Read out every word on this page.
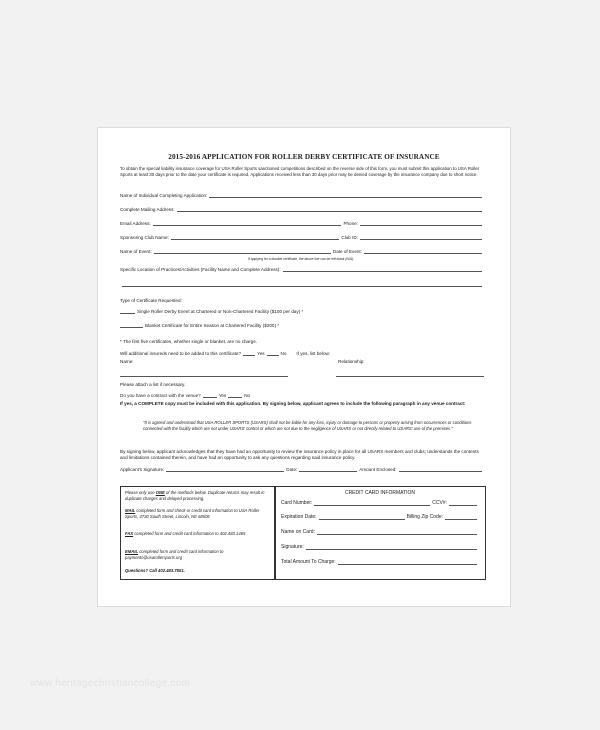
2015-2016 APPLICATION FOR ROLLER DERBY CERTIFICATE OF INSURANCE
To obtain the special liability insurance coverage for USA Roller Sports sanctioned competitions described on the reverse side of this form, you must submit this application to USA Roller Sports at least 30 days prior to the date your certificate is required. Applications received less than 30 days prior may be denied coverage by the insurance company due to short notice.
Name of Individual Completing Application:
Complete Mailing Address:
Email Address:	Phone:
Sponsoring Club Name:	Club ID:
Name of Event:	Date of Event:
If applying for a blanket certificate, the above line can be left blank (N/A).
Specific Location of Practices/Activities (Facility Name and Complete Address):
Type of Certificate Requested:
Single Roller Derby Event at Chartered or Non-Chartered Facility ($100 per day) *
Blanket Certificate for Entire Season at Chartered Facility ($200) *
* The first five certificates, whether single or blanket, are no charge.
Will additional insureds need to be added to this certificate?	Yes	No If yes, list below:
Name:	Relationship:
Please attach a list if necessary.
Do you have a contract with the venue?	Yes	No
If yes, a COMPLETE copy must be included with this application. By signing below, applicant agrees to include the following paragraph in any venue contract:
"It is agreed and understood that USA ROLLER SPORTS (USARS) shall not be liable for any loss, injury or damage to persons or property arising from occurrences or conditions connected with the facility which are not under USARS' control or which are not due to the negligence of USARS or not directly related to USARS' use of the premises."
By signing below, applicant acknowledges that they have had an opportunity to review the insurance policy in place for all USARS members and clubs; understands the contents and limitations contained therein, and have had an opportunity to ask any questions regarding said insurance policy.
Applicant's Signature:	Date:	Amount Enclosed:
Please only use ONE of the methods below. Duplicate returns may result in duplicate charges and delayed processing.
MAIL completed form and check or credit card information to USA Roller Sports, 4730 South Street, Lincoln, NE 68506
FAX completed form and credit card information to 402.483.1465
EMAIL completed form and credit card information to payments@usarollersports.org
Questions? Call 402.483.7551.
CREDIT CARD INFORMATION
Card Number:	CCV#:
Expiration Date:	Billing Zip Code:
Name on Card:
Signature:
Total Amount To Charge:
www.heritagechristiancollege.com
